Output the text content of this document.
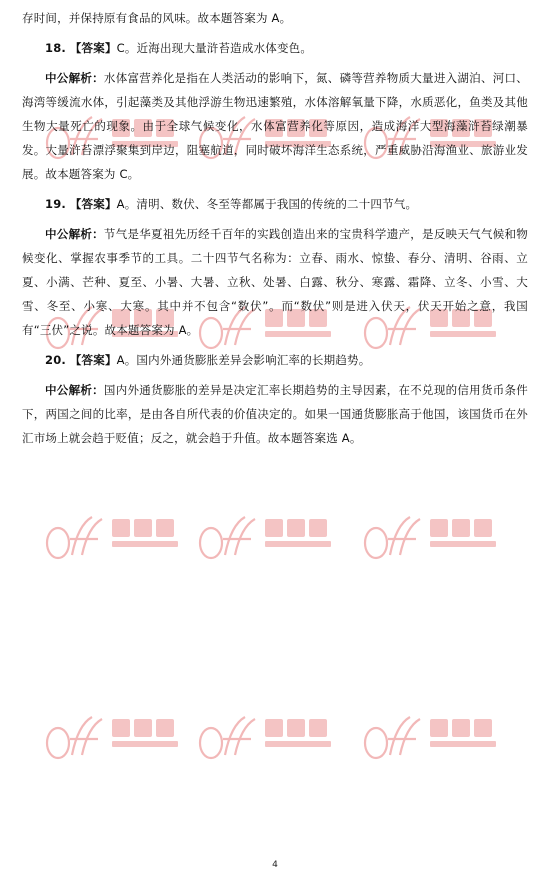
存时间，并保持原有食品的风味。故本题答案为 A。

18. 【答案】C。近海出现大量浒苔造成水体变色。

中公解析：水体富营养化是指在人类活动的影响下，氮、磷等营养物质大量进入湖泊、河口、海湾等缓流水体，引起藻类及其他浮游生物迅速繁殖，水体溶解氧量下降，水质恶化，鱼类及其他生物大量死亡的现象。由于全球气候变化，水体富营养化等原因，造成海洋大型海藻浒苔绿潮暴发。大量浒苔漂浮聚集到岸边，阻塞航道，同时破坏海洋生态系统，严重威胁沿海渔业、旅游业发展。故本题答案为 C。

19. 【答案】A。清明、数伏、冬至等都属于我国的传统的二十四节气。

中公解析：节气是华夏祖先历经千百年的实践创造出来的宝贵科学遗产，是反映天气气候和物候变化、掌握农事季节的工具。二十四节气名称为：立春、雨水、惊蛰、春分、清明、谷雨、立夏、小满、芒种、夏至、小暑、大暑、立秋、处暑、白露、秋分、寒露、霜降、立冬、小雪、大雪、冬至、小寒、大寒。其中并不包含“数伏”。而“数伏”则是进入伏天，伏天开始之意，我国有“三伏”之说。故本题答案为 A。

20. 【答案】A。国内外通货膨胀差异会影响汇率的长期趋势。

中公解析：国内外通货膨胀的差异是决定汇率长期趋势的主导因素，在不兑现的信用货币条件下，两国之间的比率，是由各自所代表的价值决定的。如果一国通货膨胀高于他国，该国货币在外汇市场上就会趋于贬值；反之，就会趋于升值。故本题答案选 A。

4
